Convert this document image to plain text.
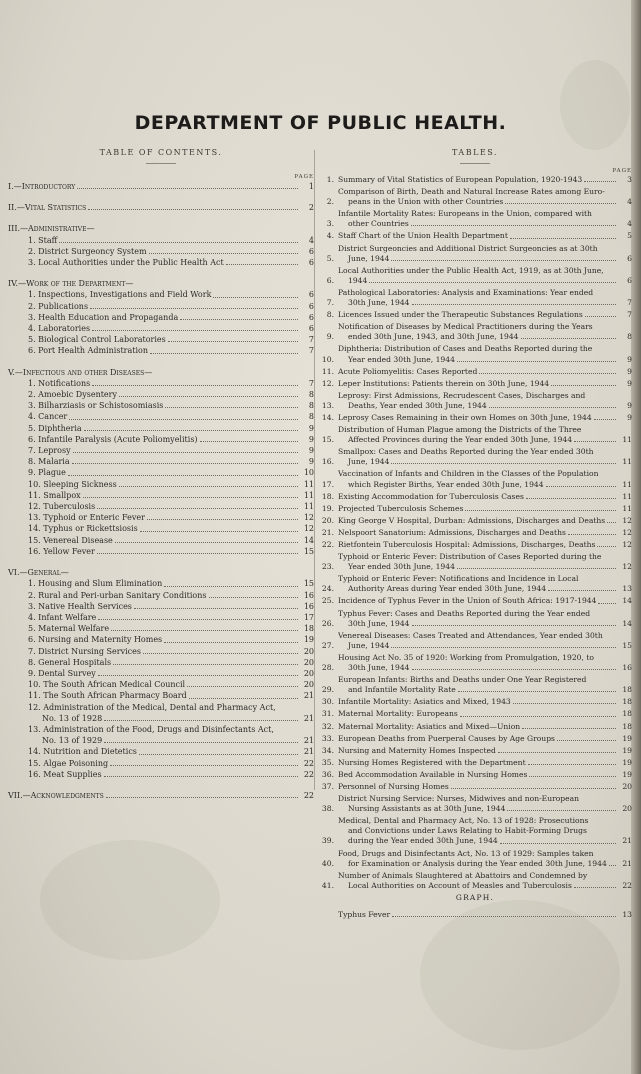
DEPARTMENT OF PUBLIC HEALTH.
TABLE OF CONTENTS.
PAGE
I.—Introductory	1
II.—Vital Statistics	2
III.—Administrative—
1. Staff	4
2. District Surgeoncy System	6
3. Local Authorities under the Public Health Act	6
IV.—Work of the Department—
1. Inspections, Investigations and Field Work	6
2. Publications	6
3. Health Education and Propaganda	6
4. Laboratories	6
5. Biological Control Laboratories	7
6. Port Health Administration	7
V.—Infectious and other Diseases—
1. Notifications	7
2. Amoebic Dysentery	8
3. Bilharziasis or Schistosomiasis	8
4. Cancer	8
5. Diphtheria	9
6. Infantile Paralysis (Acute Poliomyelitis)	9
7. Leprosy	9
8. Malaria	9
9. Plague	10
10. Sleeping Sickness	11
11. Smallpox	11
12. Tuberculosis	11
13. Typhoid or Enteric Fever	12
14. Typhus or Rickettsiosis	12
15. Venereal Disease	14
16. Yellow Fever	15
VI.—General—
1. Housing and Slum Elimination	15
2. Rural and Peri-urban Sanitary Conditions	16
3. Native Health Services	16
4. Infant Welfare	17
5. Maternal Welfare	18
6. Nursing and Maternity Homes	19
7. District Nursing Services	20
8. General Hospitals	20
9. Dental Survey	20
10. The South African Medical Council	20
11. The South African Pharmacy Board	21
12. Administration of the Medical, Dental and Pharmacy Act,
No. 13 of 1928	21
13. Administration of the Food, Drugs and Disinfectants Act,
No. 13 of 1929	21
14. Nutrition and Dietetics	21
15. Algae Poisoning	22
16. Meat Supplies	22
VII.—Acknowledgments	22
TABLES.
PAGE
1. Summary of Vital Statistics of European Population, 1920-1943	3
2.
Comparison of Birth, Death and Natural Increase Rates among Euro-
peans in the Union with other Countries	4
3.
Infantile Mortality Rates: Europeans in the Union, compared with
other Countries	4
4. Staff Chart of the Union Health Department	5
5.
District Surgeoncies and Additional District Surgeoncies as at 30th
June, 1944	6
6.
Local Authorities under the Public Health Act, 1919, as at 30th June,
1944	6
7.
Pathological Laboratories: Analysis and Examinations: Year ended
30th June, 1944	7
8. Licences Issued under the Therapeutic Substances Regulations	7
9.
Notification of Diseases by Medical Practitioners during the Years
ended 30th June, 1943, and 30th June, 1944	8
10.
Diphtheria: Distribution of Cases and Deaths Reported during the
Year ended 30th June, 1944	9
11. Acute Poliomyelitis: Cases Reported	9
12. Leper Institutions: Patients therein on 30th June, 1944	9
13.
Leprosy: First Admissions, Recrudescent Cases, Discharges and
Deaths, Year ended 30th June, 1944	9
14. Leprosy Cases Remaining in their own Homes on 30th June, 1944	9
15.
Distribution of Human Plague among the Districts of the Three
Affected Provinces during the Year ended 30th June, 1944	11
16.
Smallpox: Cases and Deaths Reported during the Year ended 30th
June, 1944	11
17.
Vaccination of Infants and Children in the Classes of the Population
which Register Births, Year ended 30th June, 1944	11
18. Existing Accommodation for Tuberculosis Cases	11
19. Projected Tuberculosis Schemes	11
20. King George V Hospital, Durban: Admissions, Discharges and Deaths	12
21. Nelspoort Sanatorium: Admissions, Discharges and Deaths	12
22. Rietfontein Tuberculosis Hospital: Admissions, Discharges, Deaths	12
23.
Typhoid or Enteric Fever: Distribution of Cases Reported during the
Year ended 30th June, 1944	12
24.
Typhoid or Enteric Fever: Notifications and Incidence in Local
Authority Areas during Year ended 30th June, 1944	13
25. Incidence of Typhus Fever in the Union of South Africa: 1917-1944	14
26.
Typhus Fever: Cases and Deaths Reported during the Year ended
30th June, 1944	14
27.
Venereal Diseases: Cases Treated and Attendances, Year ended 30th
June, 1944	15
28.
Housing Act No. 35 of 1920: Working from Promulgation, 1920, to
30th June, 1944	16
29.
European Infants: Births and Deaths under One Year Registered
and Infantile Mortality Rate	18
30. Infantile Mortality: Asiatics and Mixed, 1943	18
31. Maternal Mortality: Europeans	18
32. Maternal Mortality: Asiatics and Mixed—Union	18
33. European Deaths from Puerperal Causes by Age Groups	19
34. Nursing and Maternity Homes Inspected	19
35. Nursing Homes Registered with the Department	19
36. Bed Accommodation Available in Nursing Homes	19
37. Personnel of Nursing Homes	20
38.
District Nursing Service: Nurses, Midwives and non-European
Nursing Assistants as at 30th June, 1944	20
39.
Medical, Dental and Pharmacy Act, No. 13 of 1928: Prosecutions
and Convictions under Laws Relating to Habit-Forming Drugs
during the Year ended 30th June, 1944	21
40.
Food, Drugs and Disinfectants Act, No. 13 of 1929: Samples taken
for Examination or Analysis during the Year ended 30th June, 1944	21
41.
Number of Animals Slaughtered at Abattoirs and Condemned by
Local Authorities on Account of Measles and Tuberculosis	22
GRAPH.
Typhus Fever	13
